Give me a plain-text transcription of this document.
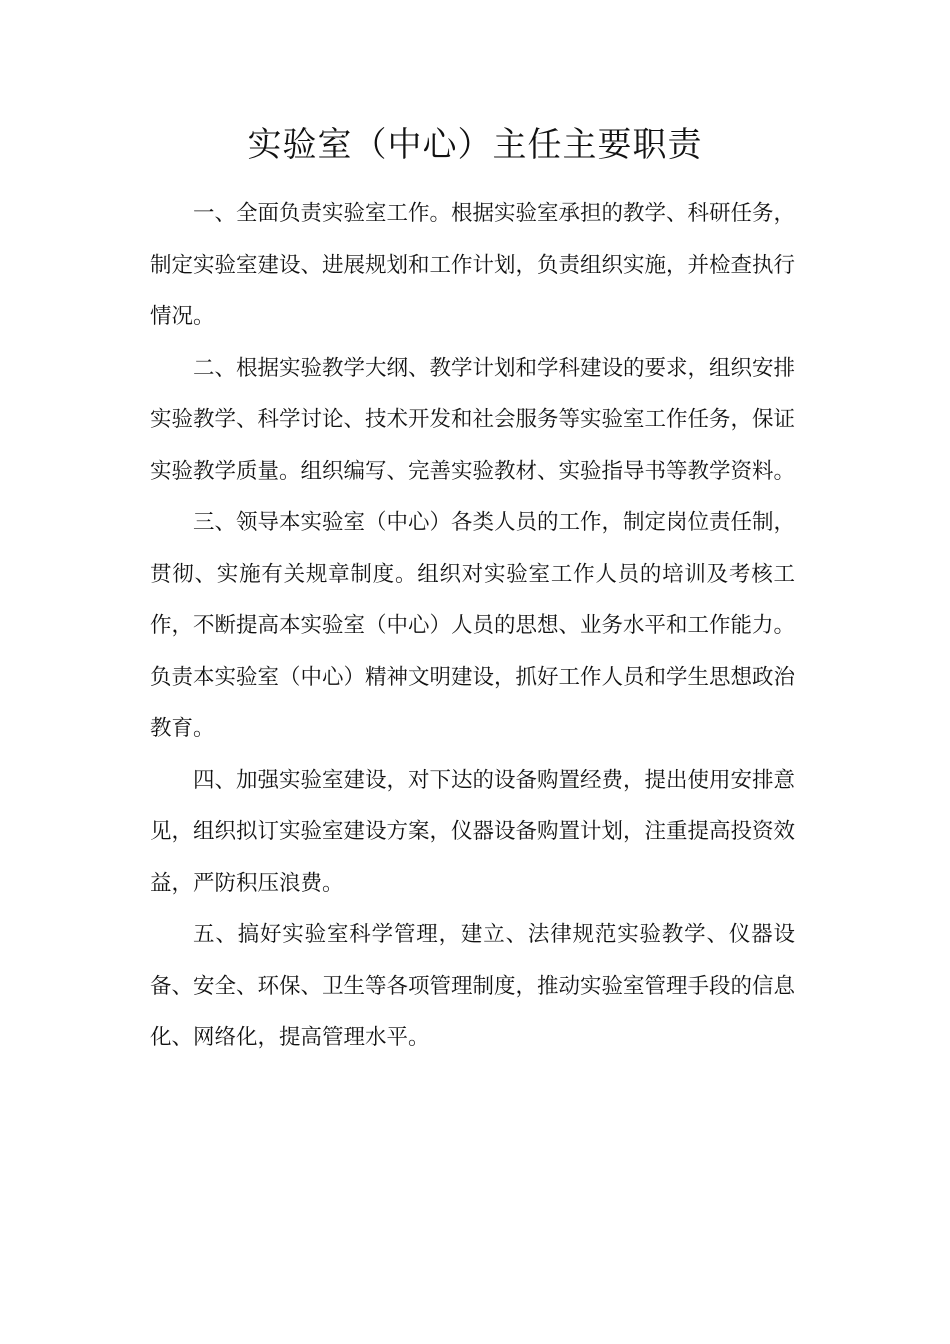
实验室（中心）主任主要职责

一、全面负责实验室工作。根据实验室承担的教学、科研任务，制定实验室建设、进展规划和工作计划，负责组织实施，并检查执行情况。

二、根据实验教学大纲、教学计划和学科建设的要求，组织安排实验教学、科学讨论、技术开发和社会服务等实验室工作任务，保证实验教学质量。组织编写、完善实验教材、实验指导书等教学资料。

三、领导本实验室（中心）各类人员的工作，制定岗位责任制，贯彻、实施有关规章制度。组织对实验室工作人员的培训及考核工作，不断提高本实验室（中心）人员的思想、业务水平和工作能力。负责本实验室（中心）精神文明建设，抓好工作人员和学生思想政治教育。

四、加强实验室建设，对下达的设备购置经费，提出使用安排意见，组织拟订实验室建设方案，仪器设备购置计划，注重提高投资效益，严防积压浪费。

五、搞好实验室科学管理，建立、法律规范实验教学、仪器设备、安全、环保、卫生等各项管理制度，推动实验室管理手段的信息化、网络化，提高管理水平。
